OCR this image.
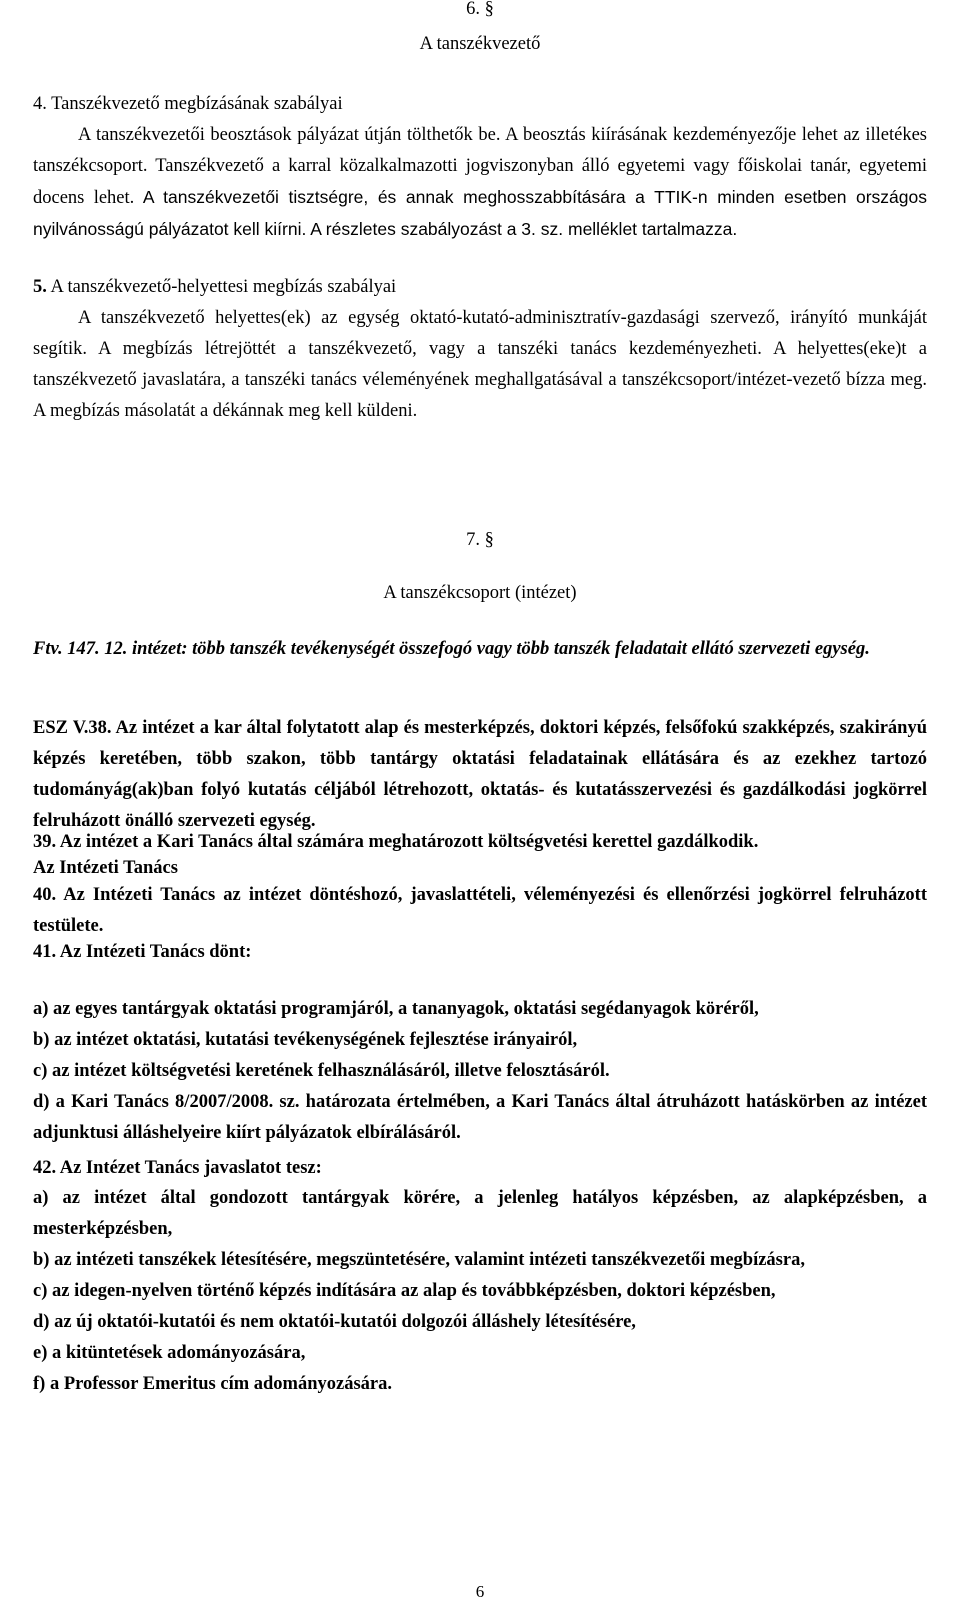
6. §
A tanszékvezető
4. Tanszékvezető megbízásának szabályai

A tanszékvezetői beosztások pályázat útján tölthetők be. A beosztás kiírásának kezdeményezője lehet az illetékes tanszékcsoport. Tanszékvezető a karral közalkalmazotti jogviszonyban álló egyetemi vagy főiskolai tanár, egyetemi docens lehet. A tanszékvezetői tisztségre, és annak meghosszabbítására a TTIK-n minden esetben országos nyilvánosságú pályázatot kell kiírni. A részletes szabályozást a 3. sz. melléklet tartalmazza.

5. A tanszékvezető-helyettesi megbízás szabályai

A tanszékvezető helyettes(ek) az egység oktató-kutató-adminisztratív-gazdasági szervező, irányító munkáját segítik. A megbízás létrejöttét a tanszékvezető, vagy a tanszéki tanács kezdeményezheti. A helyettes(eke)t a tanszékvezető javaslatára, a tanszéki tanács véleményének meghallgatásával a tanszékcsoport/intézet-vezető bízza meg. A megbízás másolatát a dékánnak meg kell küldeni.

7. §
A tanszékcsoport (intézet)

Ftv. 147. 12. intézet: több tanszék tevékenységét összefogó vagy több tanszék feladatait ellátó szervezeti egység.

ESZ V.38. Az intézet a kar által folytatott alap és mesterképzés, doktori képzés, felsőfokú szakképzés, szakirányú képzés keretében, több szakon, több tantárgy oktatási feladatainak ellátására és az ezekhez tartozó tudományág(ak)ban folyó kutatás céljából létrehozott, oktatás- és kutatásszervezési és gazdálkodási jogkörrel felruházott önálló szervezeti egység.

39. Az intézet a Kari Tanács által számára meghatározott költségvetési kerettel gazdálkodik.
Az Intézeti Tanács

40. Az Intézeti Tanács az intézet döntéshozó, javaslattételi, véleményezési és ellenőrzési jogkörrel felruházott testülete.

41. Az Intézeti Tanács dönt:

a) az egyes tantárgyak oktatási programjáról, a tananyagok, oktatási segédanyagok köréről,

b) az intézet oktatási, kutatási tevékenységének fejlesztése irányairól,

c) az intézet költségvetési keretének felhasználásáról, illetve felosztásáról.

d) a Kari Tanács 8/2007/2008. sz. határozata értelmében, a Kari Tanács által átruházott hatáskörben az intézet adjunktusi álláshelyeire kiírt pályázatok elbírálásáról.

42. Az Intézet Tanács javaslatot tesz:

a) az intézet által gondozott tantárgyak körére, a jelenleg hatályos képzésben, az alapképzésben, a mesterképzésben,

b) az intézeti tanszékek létesítésére, megszüntetésére, valamint intézeti tanszékvezetői megbízásra,

c) az idegen-nyelven történő képzés indítására az alap és továbbképzésben, doktori képzésben,

d) az új oktatói-kutatói és nem oktatói-kutatói dolgozói álláshely létesítésére,

e) a kitüntetések adományozására,

f) a Professor Emeritus cím adományozására.

6
